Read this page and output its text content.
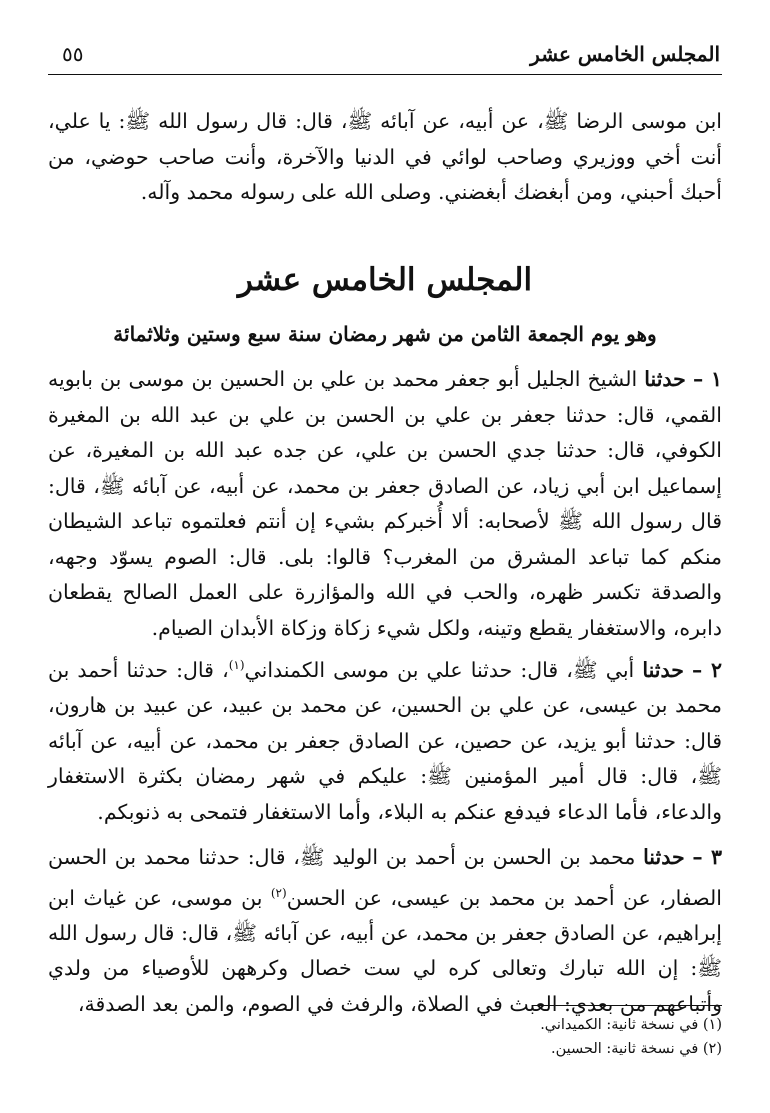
المجلس الخامس عشر
٥٥

ابن موسى الرضا ﷺ، عن أبيه، عن آبائه ﷺ، قال: قال رسول الله ﷺ: يا علي، أنت أخي ووزيري وصاحب لوائي في الدنيا والآخرة، وأنت صاحب حوضي، من أحبك أحبني، ومن أبغضك أبغضني. وصلى الله على رسوله محمد وآله.

المجلس الخامس عشر
وهو يوم الجمعة الثامن من شهر رمضان سنة سبع وستين وثلاثمائة

١ – حدثنا الشيخ الجليل أبو جعفر محمد بن علي بن الحسين بن موسى بن بابويه القمي، قال: حدثنا جعفر بن علي بن الحسن بن علي بن عبد الله بن المغيرة الكوفي، قال: حدثنا جدي الحسن بن علي، عن جده عبد الله بن المغيرة، عن إسماعيل ابن أبي زياد، عن الصادق جعفر بن محمد، عن أبيه، عن آبائه ﷺ، قال: قال رسول الله ﷺ لأصحابه: ألا أُخبركم بشيء إن أنتم فعلتموه تباعد الشيطان منكم كما تباعد المشرق من المغرب؟ قالوا: بلى. قال: الصوم يسوّد وجهه، والصدقة تكسر ظهره، والحب في الله والمؤازرة على العمل الصالح يقطعان دابره، والاستغفار يقطع وتينه، ولكل شيء زكاة وزكاة الأبدان الصيام.

٢ – حدثنا أبي ﷺ، قال: حدثنا علي بن موسى الكمنداني$^{(١)}$، قال: حدثنا أحمد بن محمد بن عيسى، عن علي بن الحسين، عن محمد بن عبيد، عن عبيد بن هارون، قال: حدثنا أبو يزيد، عن حصين، عن الصادق جعفر بن محمد، عن أبيه، عن آبائه ﷺ، قال: قال أمير المؤمنين ﷺ: عليكم في شهر رمضان بكثرة الاستغفار والدعاء، فأما الدعاء فيدفع عنكم به البلاء، وأما الاستغفار فتمحى به ذنوبكم.

٣ – حدثنا محمد بن الحسن بن أحمد بن الوليد ﷺ، قال: حدثنا محمد بن الحسن الصفار، عن أحمد بن محمد بن عيسى، عن الحسن$^{(٢)}$ بن موسى، عن غياث ابن إبراهيم، عن الصادق جعفر بن محمد، عن أبيه، عن آبائه ﷺ، قال: قال رسول الله ﷺ: إن الله تبارك وتعالى كره لي ست خصال وكرههن للأوصياء من ولدي وأتباعهم من بعدي: العبث في الصلاة، والرفث في الصوم، والمن بعد الصدقة،

(١) في نسخة ثانية: الكميداني.
(٢) في نسخة ثانية: الحسين.
